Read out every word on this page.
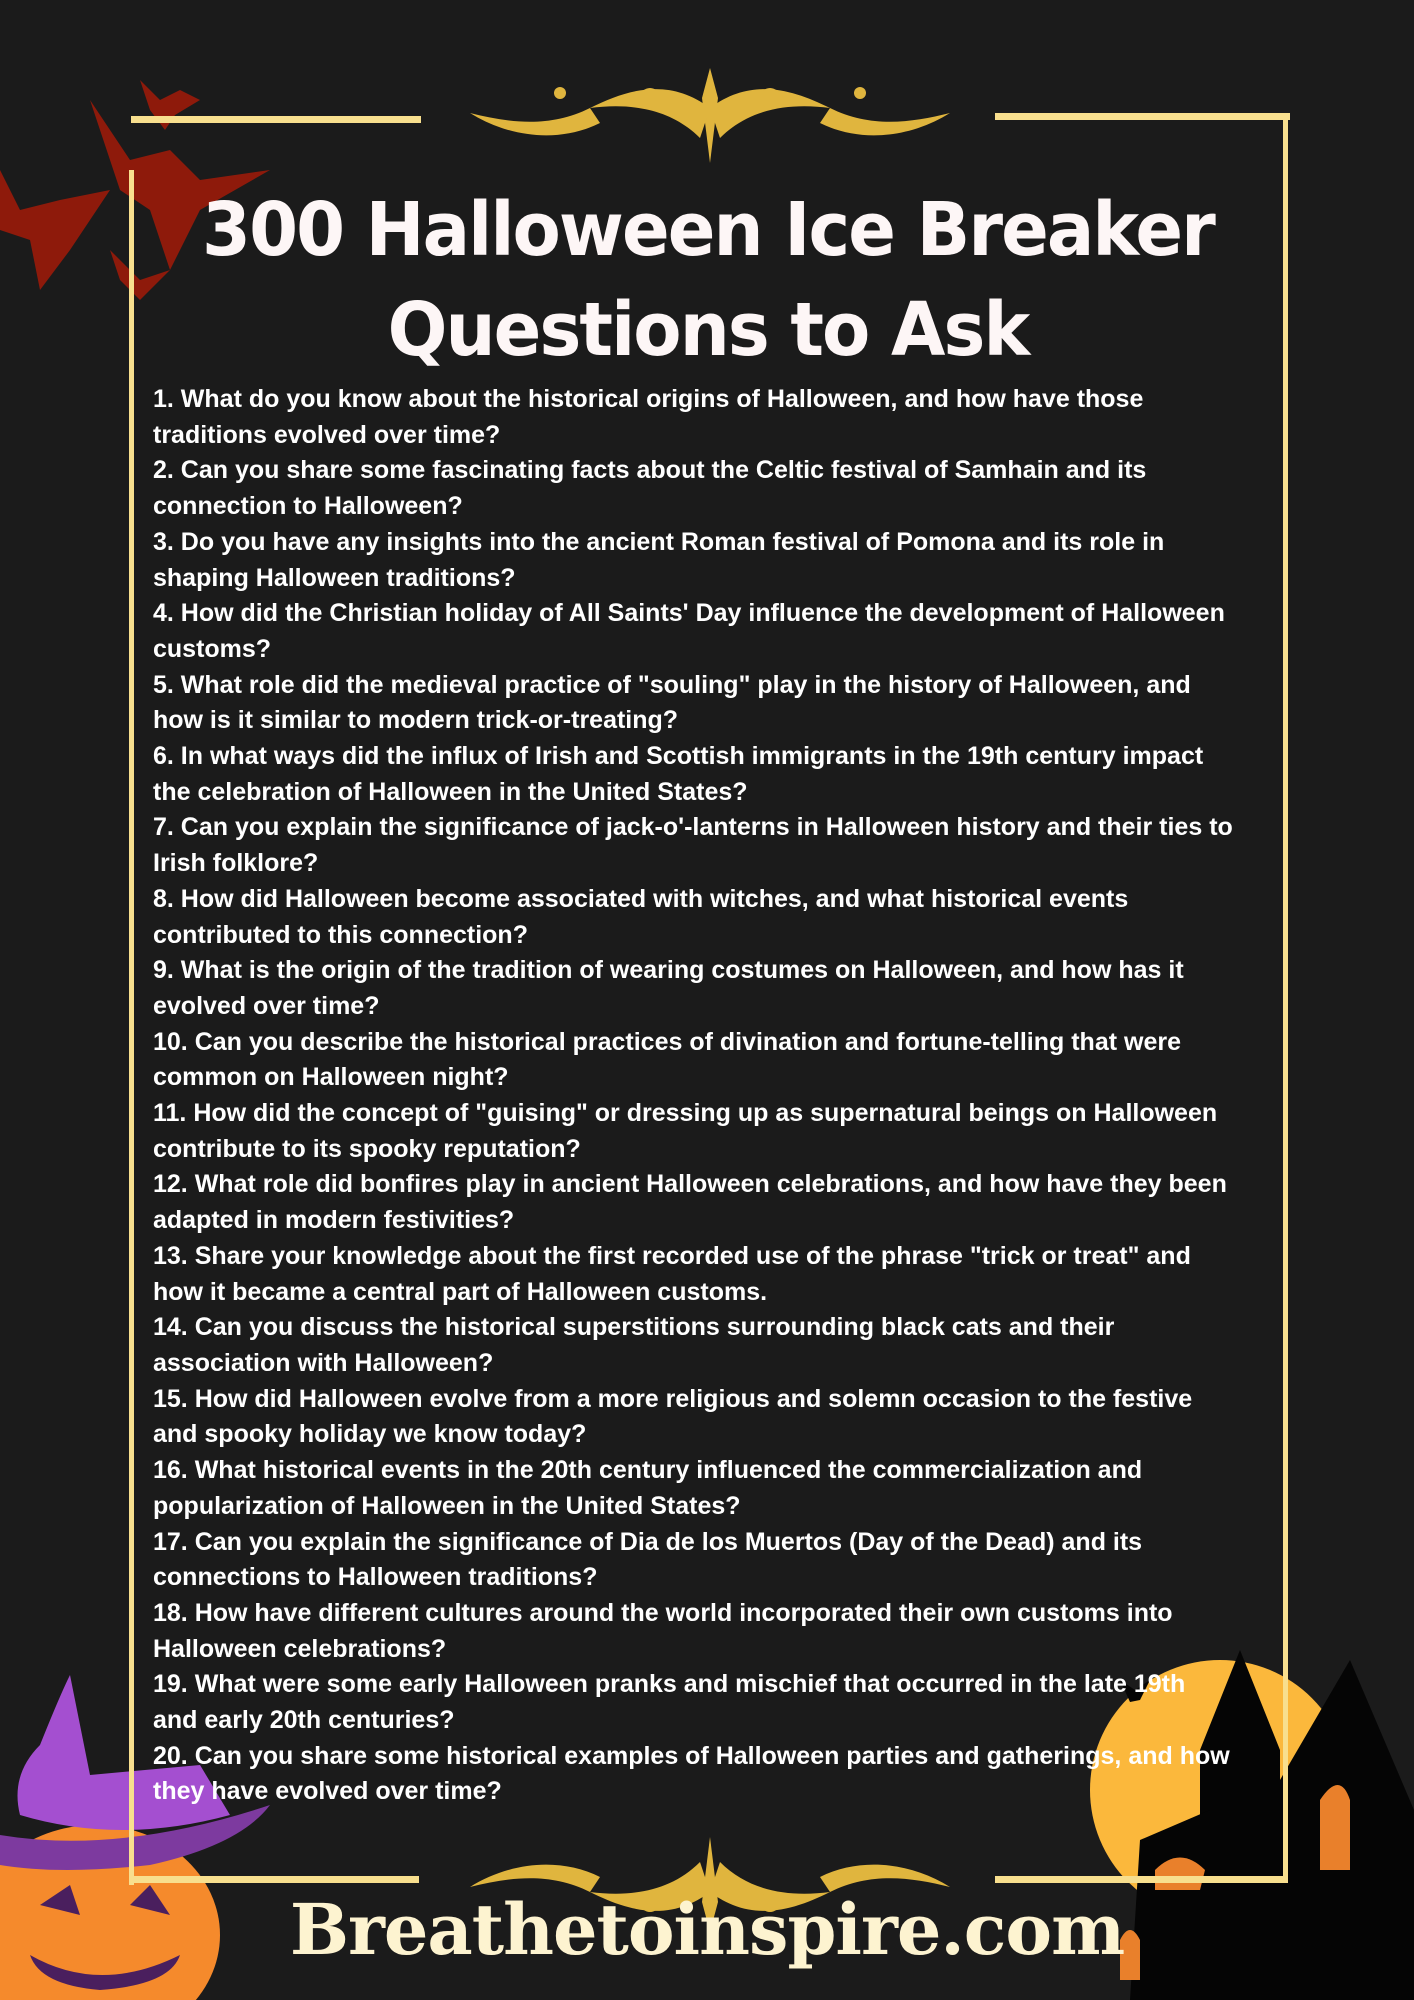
300 Halloween Ice Breaker
Questions to Ask

1. What do you know about the historical origins of Halloween, and how have those traditions evolved over time?

2. Can you share some fascinating facts about the Celtic festival of Samhain and its connection to Halloween?

3. Do you have any insights into the ancient Roman festival of Pomona and its role in shaping Halloween traditions?

4. How did the Christian holiday of All Saints' Day influence the development of Halloween customs?

5. What role did the medieval practice of "souling" play in the history of Halloween, and how is it similar to modern trick-or-treating?

6. In what ways did the influx of Irish and Scottish immigrants in the 19th century impact the celebration of Halloween in the United States?

7. Can you explain the significance of jack-o'-lanterns in Halloween history and their ties to Irish folklore?

8. How did Halloween become associated with witches, and what historical events contributed to this connection?

9. What is the origin of the tradition of wearing costumes on Halloween, and how has it evolved over time?

10. Can you describe the historical practices of divination and fortune-telling that were common on Halloween night?

11. How did the concept of "guising" or dressing up as supernatural beings on Halloween contribute to its spooky reputation?

12. What role did bonfires play in ancient Halloween celebrations, and how have they been adapted in modern festivities?

13. Share your knowledge about the first recorded use of the phrase "trick or treat" and how it became a central part of Halloween customs.

14. Can you discuss the historical superstitions surrounding black cats and their association with Halloween?

15. How did Halloween evolve from a more religious and solemn occasion to the festive and spooky holiday we know today?

16. What historical events in the 20th century influenced the commercialization and popularization of Halloween in the United States?

17. Can you explain the significance of Dia de los Muertos (Day of the Dead) and its connections to Halloween traditions?

18. How have different cultures around the world incorporated their own customs into Halloween celebrations?

19. What were some early Halloween pranks and mischief that occurred in the late 19th and early 20th centuries?

20. Can you share some historical examples of Halloween parties and gatherings, and how they have evolved over time?

Breathetoinspire.com
